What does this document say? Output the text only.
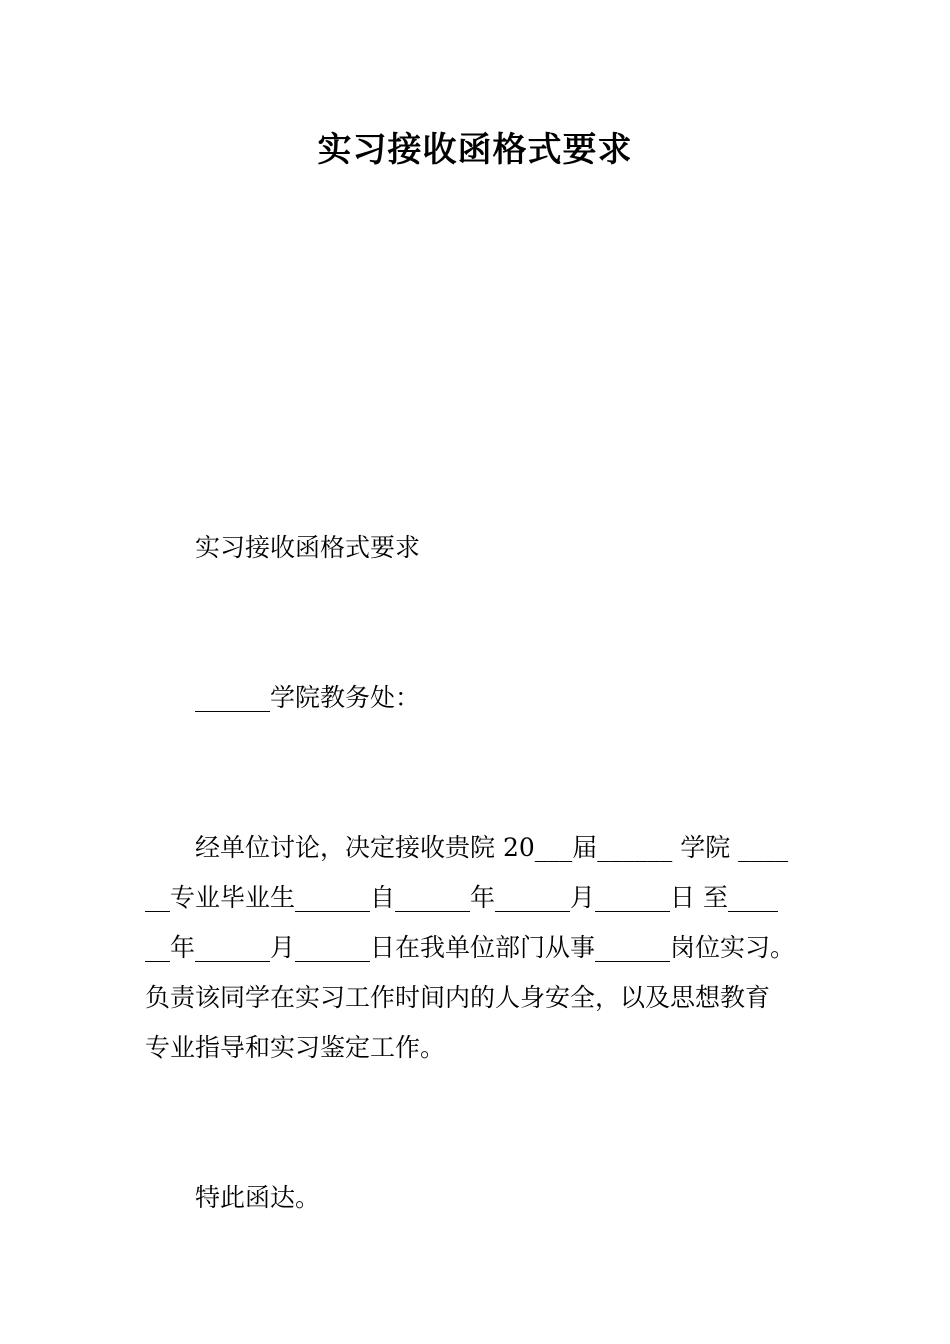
实习接收函格式要求

实习接收函格式要求

______学院教务处：

经单位讨论，决定接收贵院 20___届______ 学院 ____
__专业毕业生______自______年______月______日 至____
__年______月______日在我单位部门从事______岗位实习。
负责该同学在实习工作时间内的人身安全，以及思想教育
专业指导和实习鉴定工作。

特此函达。
